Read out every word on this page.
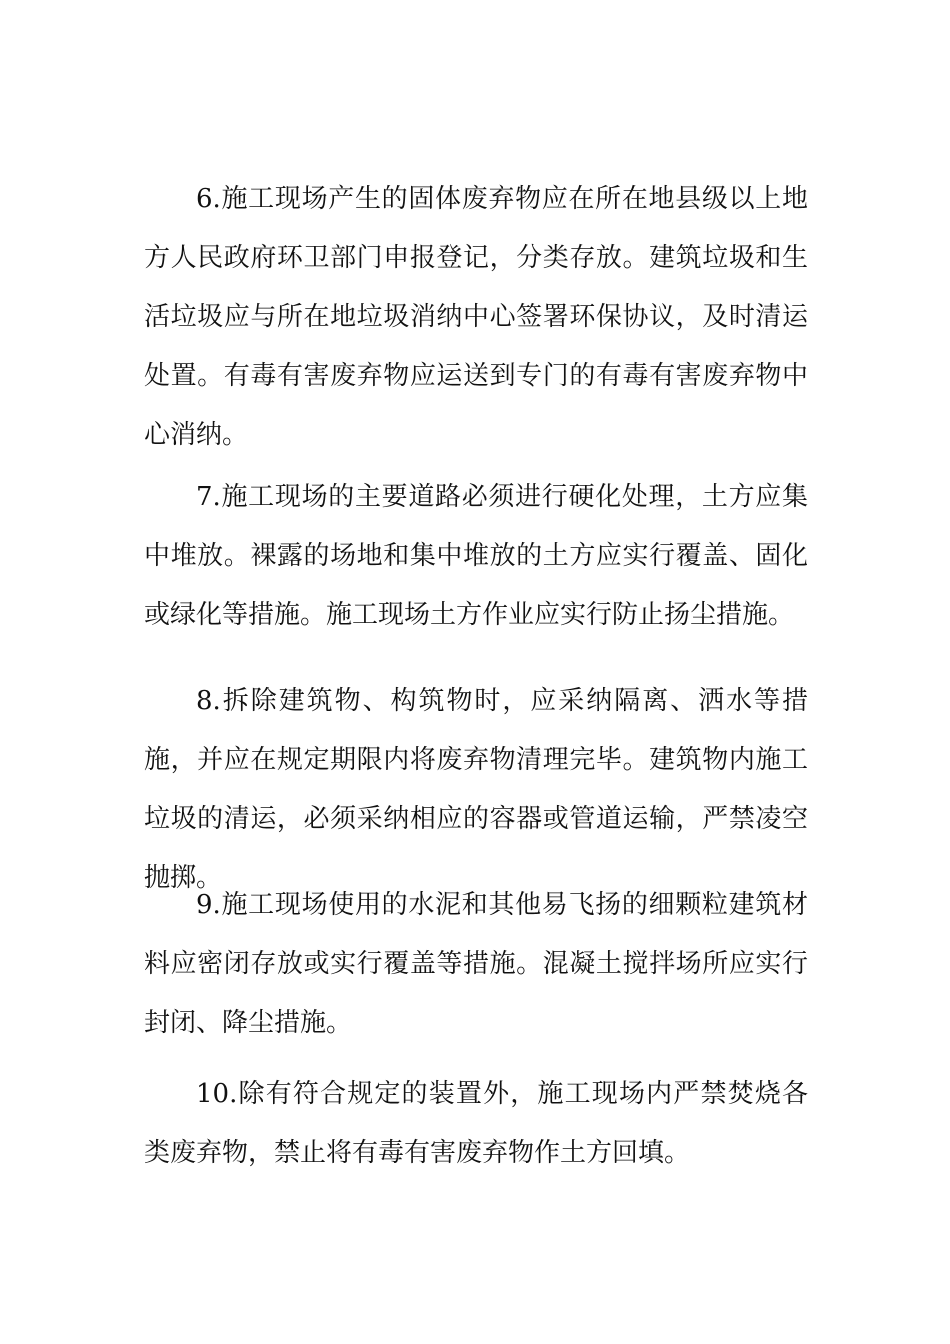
6.施工现场产生的固体废弃物应在所在地县级以上地方人民政府环卫部门申报登记，分类存放。建筑垃圾和生活垃圾应与所在地垃圾消纳中心签署环保协议，及时清运处置。有毒有害废弃物应运送到专门的有毒有害废弃物中心消纳。

7.施工现场的主要道路必须进行硬化处理，土方应集中堆放。裸露的场地和集中堆放的土方应实行覆盖、固化或绿化等措施。施工现场土方作业应实行防止扬尘措施。

8.拆除建筑物、构筑物时，应采纳隔离、洒水等措施，并应在规定期限内将废弃物清理完毕。建筑物内施工垃圾的清运，必须采纳相应的容器或管道运输，严禁凌空抛掷。

9.施工现场使用的水泥和其他易飞扬的细颗粒建筑材料应密闭存放或实行覆盖等措施。混凝土搅拌场所应实行封闭、降尘措施。

10.除有符合规定的装置外，施工现场内严禁焚烧各类废弃物，禁止将有毒有害废弃物作土方回填。
